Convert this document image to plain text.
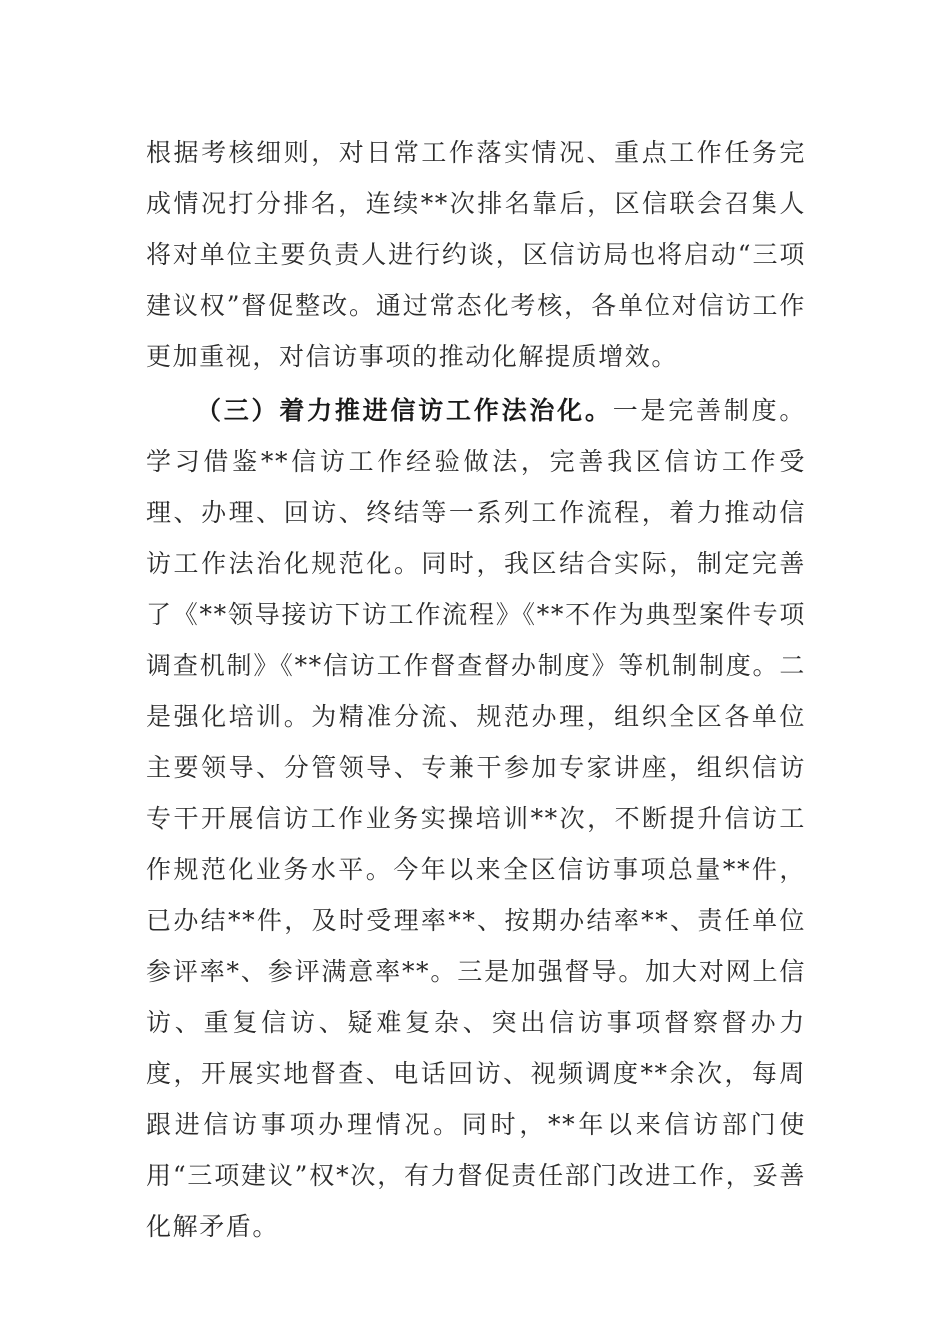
根据考核细则，对日常工作落实情况、重点工作任务完成情况打分排名，连续**次排名靠后，区信联会召集人将对单位主要负责人进行约谈，区信访局也将启动“三项建议权”督促整改。通过常态化考核，各单位对信访工作更加重视，对信访事项的推动化解提质增效。

（三）着力推进信访工作法治化。一是完善制度。学习借鉴**信访工作经验做法，完善我区信访工作受理、办理、回访、终结等一系列工作流程，着力推动信访工作法治化规范化。同时，我区结合实际，制定完善了《**领导接访下访工作流程》《**不作为典型案件专项调查机制》《**信访工作督查督办制度》等机制制度。二是强化培训。为精准分流、规范办理，组织全区各单位主要领导、分管领导、专兼干参加专家讲座，组织信访专干开展信访工作业务实操培训**次，不断提升信访工作规范化业务水平。今年以来全区信访事项总量**件，已办结**件，及时受理率**、按期办结率**、责任单位参评率*、参评满意率**。三是加强督导。加大对网上信访、重复信访、疑难复杂、突出信访事项督察督办力度，开展实地督查、电话回访、视频调度**余次，每周跟进信访事项办理情况。同时，**年以来信访部门使用“三项建议”权*次，有力督促责任部门改进工作，妥善化解矛盾。
